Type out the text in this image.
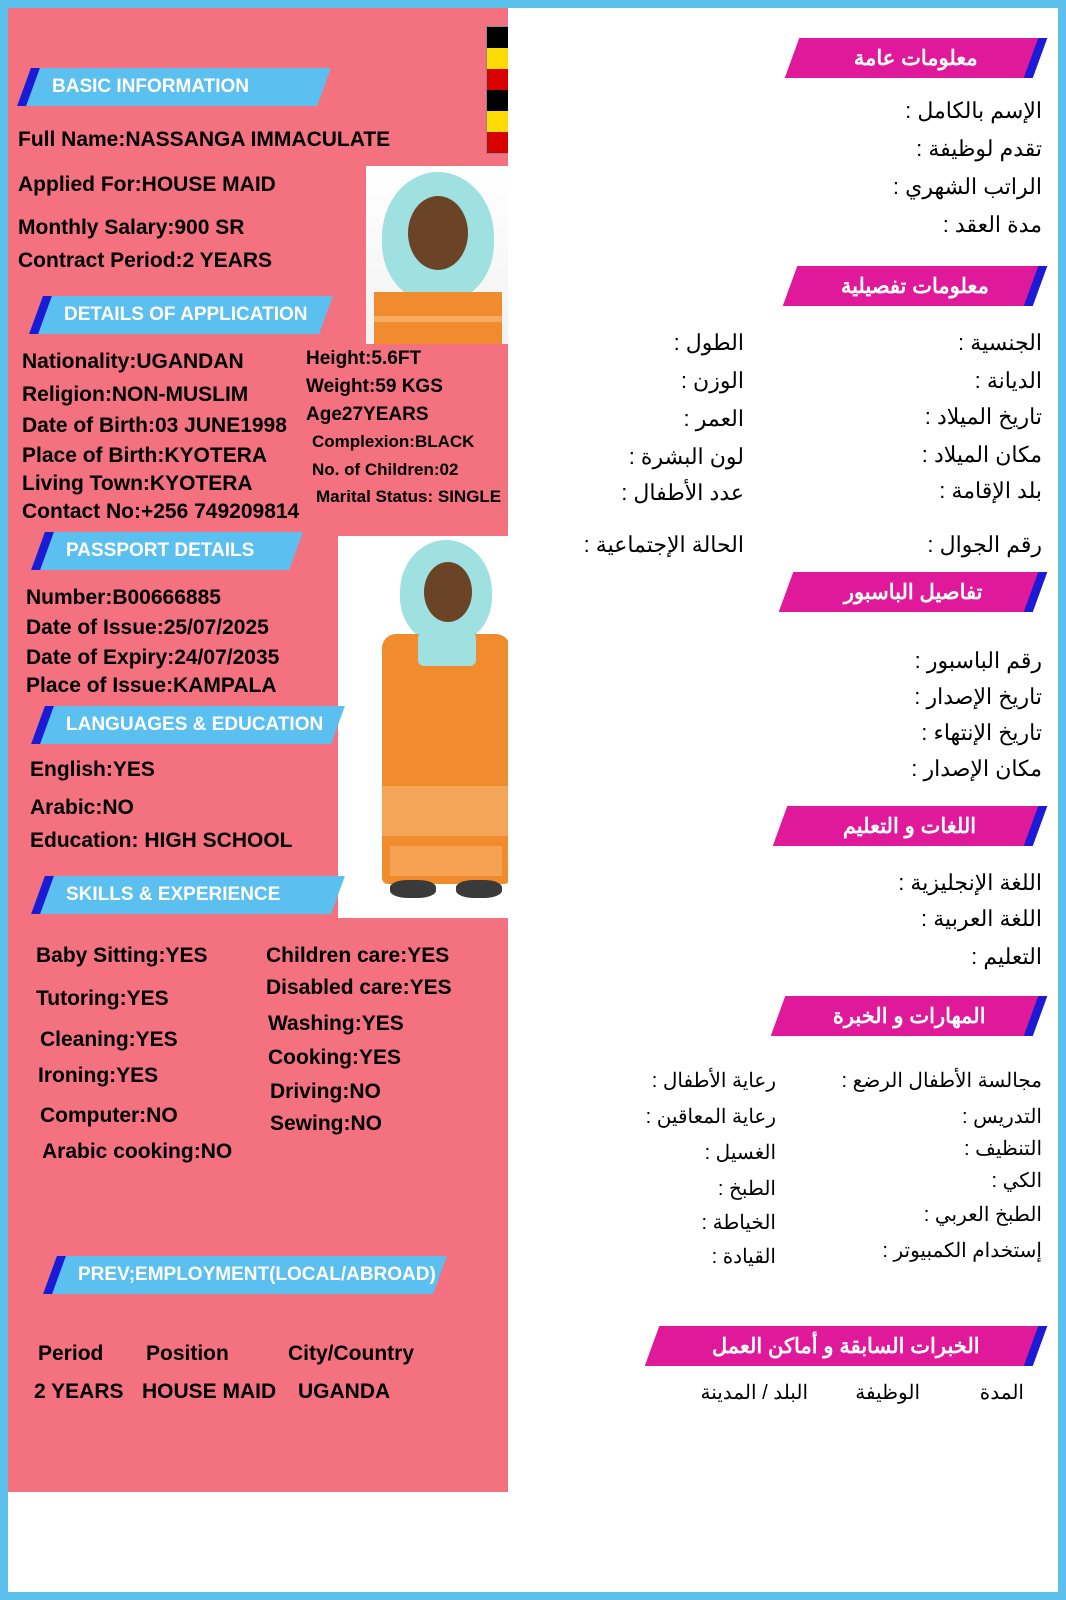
BASIC INFORMATION
Full Name:NASSANGA IMMACULATE
Applied For:HOUSE MAID
Monthly Salary:900 SR
Contract Period:2 YEARS
DETAILS OF APPLICATION
Nationality:UGANDAN
Religion:NON-MUSLIM
Date of Birth:03 JUNE1998
Place of Birth:KYOTERA
Living Town:KYOTERA
Contact No:+256 749209814
Height:5.6FT
Weight:59 KGS
Age27YEARS
Complexion:BLACK
No. of Children:02
Marital Status: SINGLE
PASSPORT DETAILS
Number:B00666885
Date of Issue:25/07/2025
Date of Expiry:24/07/2035
Place of Issue:KAMPALA
LANGUAGES & EDUCATION
English:YES
Arabic:NO
Education: HIGH SCHOOL
SKILLS & EXPERIENCE
Baby Sitting:YES
Tutoring:YES
Cleaning:YES
Ironing:YES
Computer:NO
Arabic cooking:NO
Children care:YES
Disabled care:YES
Washing:YES
Cooking:YES
Driving:NO
Sewing:NO
PREV;EMPLOYMENT(LOCAL/ABROAD)
Period Position	City/Country
2 YEARS HOUSE MAID UGANDA
معلومات عامة
الإسم بالكامل :
تقدم لوظيفة :
الراتب الشهري :
مدة العقد :
معلومات تفصيلية
الجنسية :
الديانة :
تاريخ الميلاد :
مكان الميلاد :
بلد الإقامة :
رقم الجوال :
الطول :
الوزن :
العمر :
لون البشرة :
عدد الأطفال :
الحالة الإجتماعية :
تفاصيل الباسبور
رقم الباسبور :
تاريخ الإصدار :
تاريخ الإنتهاء :
مكان الإصدار :
اللغات و التعليم
اللغة الإنجليزية :
اللغة العربية :
التعليم :
المهارات و الخبرة
مجالسة الأطفال الرضع :
التدريس :
التنظيف :
الكي :
الطبخ العربي :
إستخدام الكمبيوتر :
رعاية الأطفال :
رعاية المعاقين :
الغسيل :
الطبخ :
الخياطة :
القيادة :
الخبرات السابقة و أماكن العمل
المدة
الوظيفة
البلد / المدينة
